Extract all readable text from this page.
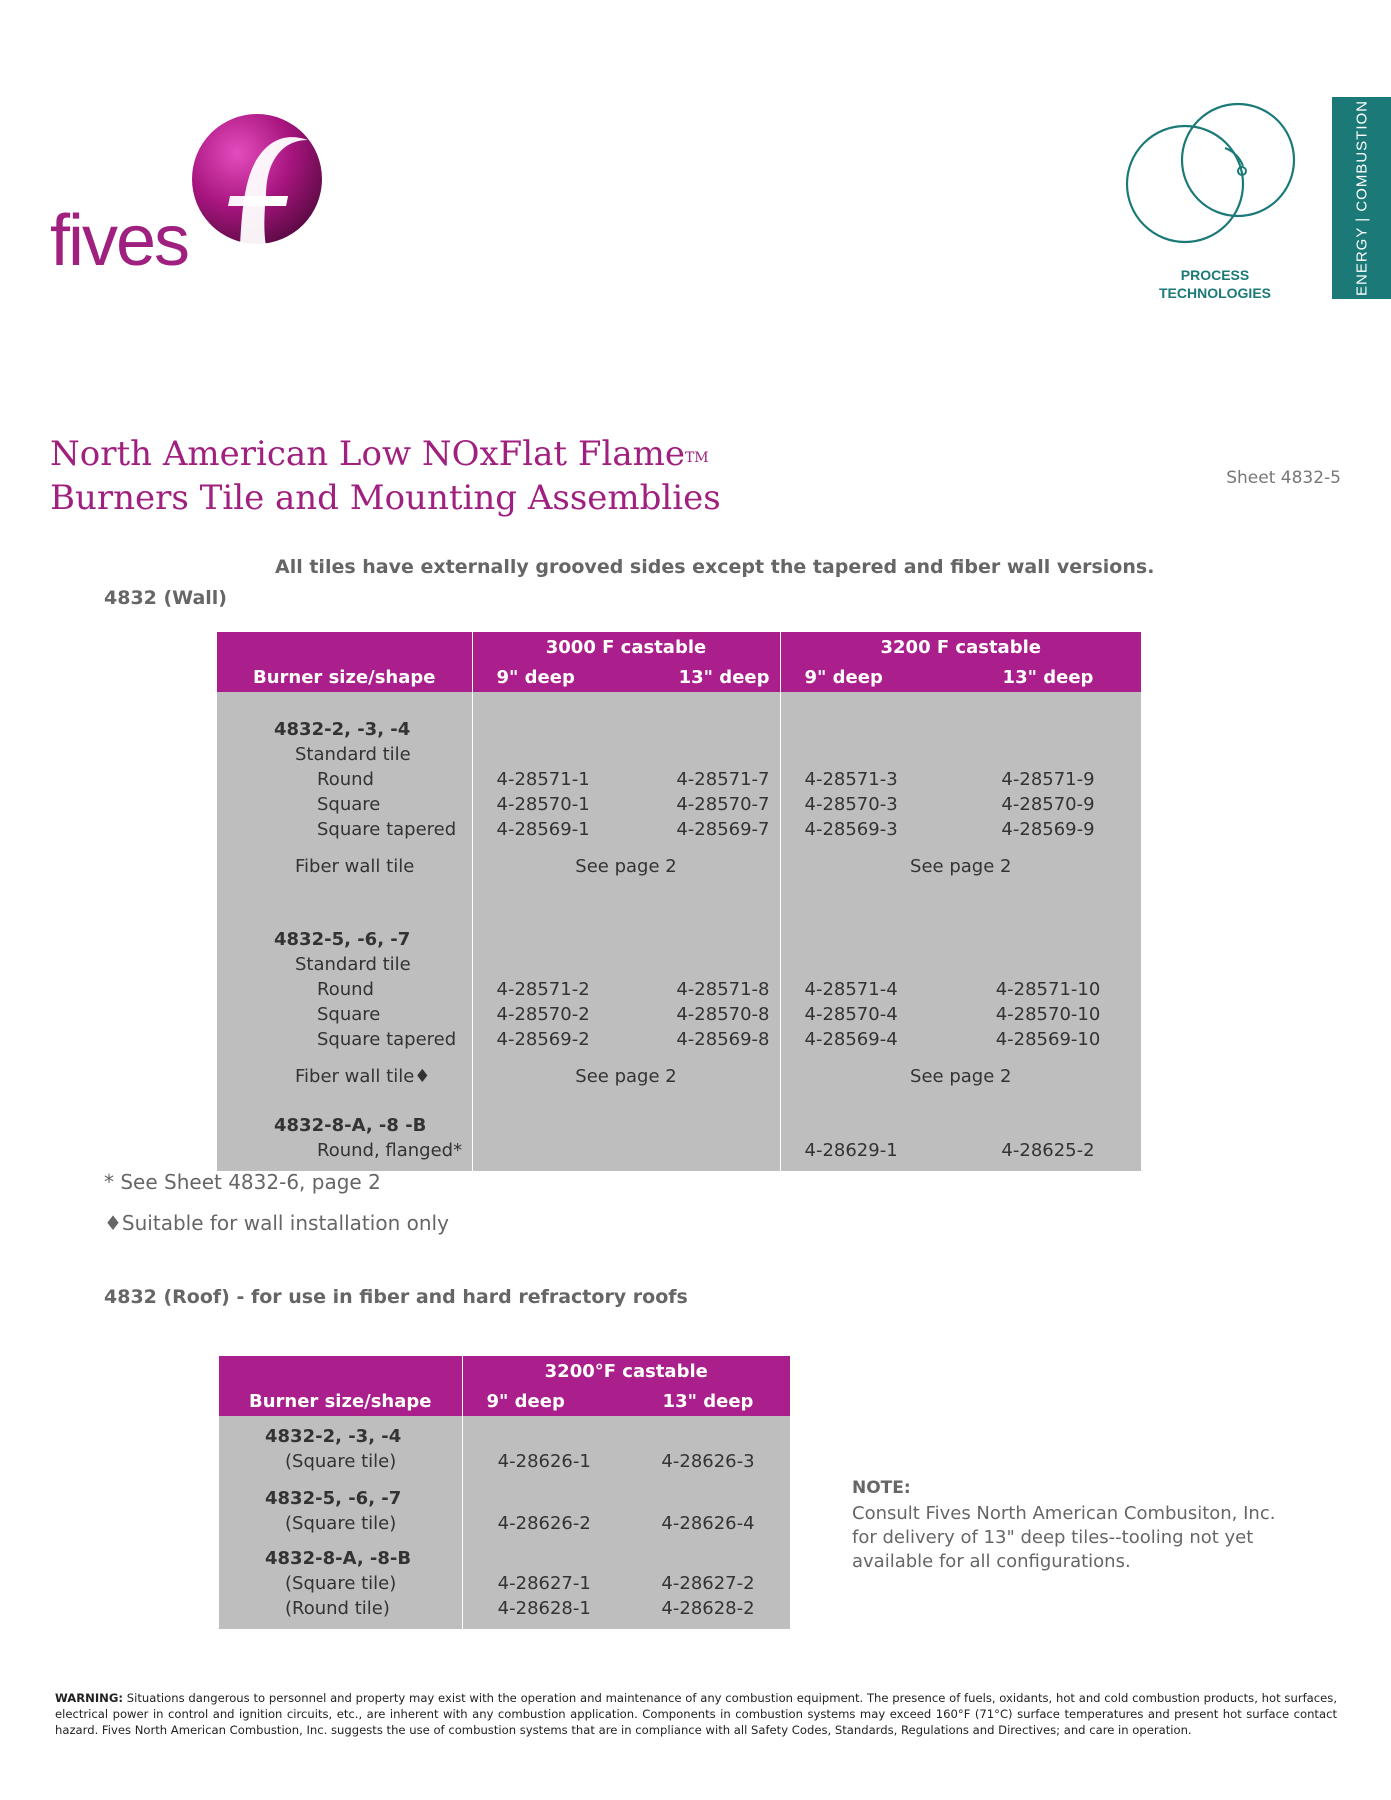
fives	PROCESS
TECHNOLOGIES	ENERGY | COMBUSTION
North American Low NOxFlat Flame™
Burners Tile and Mounting Assemblies	Sheet 4832-5
All tiles have externally grooved sides except the tapered and fiber wall versions.
4832 (Wall)
	3000 F castable		3200 F castable	
Burner size/shape	9" deep	13" deep	9" deep	13" deep

4832-2, -3, -4				
Standard tile				
Round	4-28571-1	4-28571-7	4-28571-3	4-28571-9
Square	4-28570-1	4-28570-7	4-28570-3	4-28570-9
Square tapered	4-28569-1	4-28569-7	4-28569-3	4-28569-9

Fiber wall tile	See page 2		See page 2	

4832-5, -6, -7				
Standard tile				
Round	4-28571-2	4-28571-8	4-28571-4	4-28571-10
Square	4-28570-2	4-28570-8	4-28570-4	4-28570-10
Square tapered	4-28569-2	4-28569-8	4-28569-4	4-28569-10

Fiber wall tile♦	See page 2		See page 2	

4832-8-A, -8 -B				
Round, flanged*			4-28629-1	4-28625-2

* See Sheet 4832-6, page 2
♦Suitable for wall installation only
4832 (Roof) - for use in fiber and hard refractory roofs
	3200°F castable	
Burner size/shape	9" deep	13" deep

4832-2, -3, -4		
(Square tile)	4-28626-1	4-28626-3

4832-5, -6, -7		
(Square tile)	4-28626-2	4-28626-4

4832-8-A, -8-B		
(Square tile)	4-28627-1	4-28627-2
(Round tile)	4-28628-1	4-28628-2

NOTE:
Consult Fives North American Combusiton, Inc. for delivery of 13" deep tiles--tooling not yet available for all configurations.
WARNING: Situations dangerous to personnel and property may exist with the operation and maintenance of any combustion equipment. The presence of fuels, oxidants, hot and cold combustion products, hot surfaces, electrical power in control and ignition circuits, etc., are inherent with any combustion application. Components in combustion systems may exceed 160°F (71°C) surface temperatures and present hot surface contact hazard. Fives North American Combustion, Inc. suggests the use of combustion systems that are in compliance with all Safety Codes, Standards, Regulations and Directives; and care in operation.
